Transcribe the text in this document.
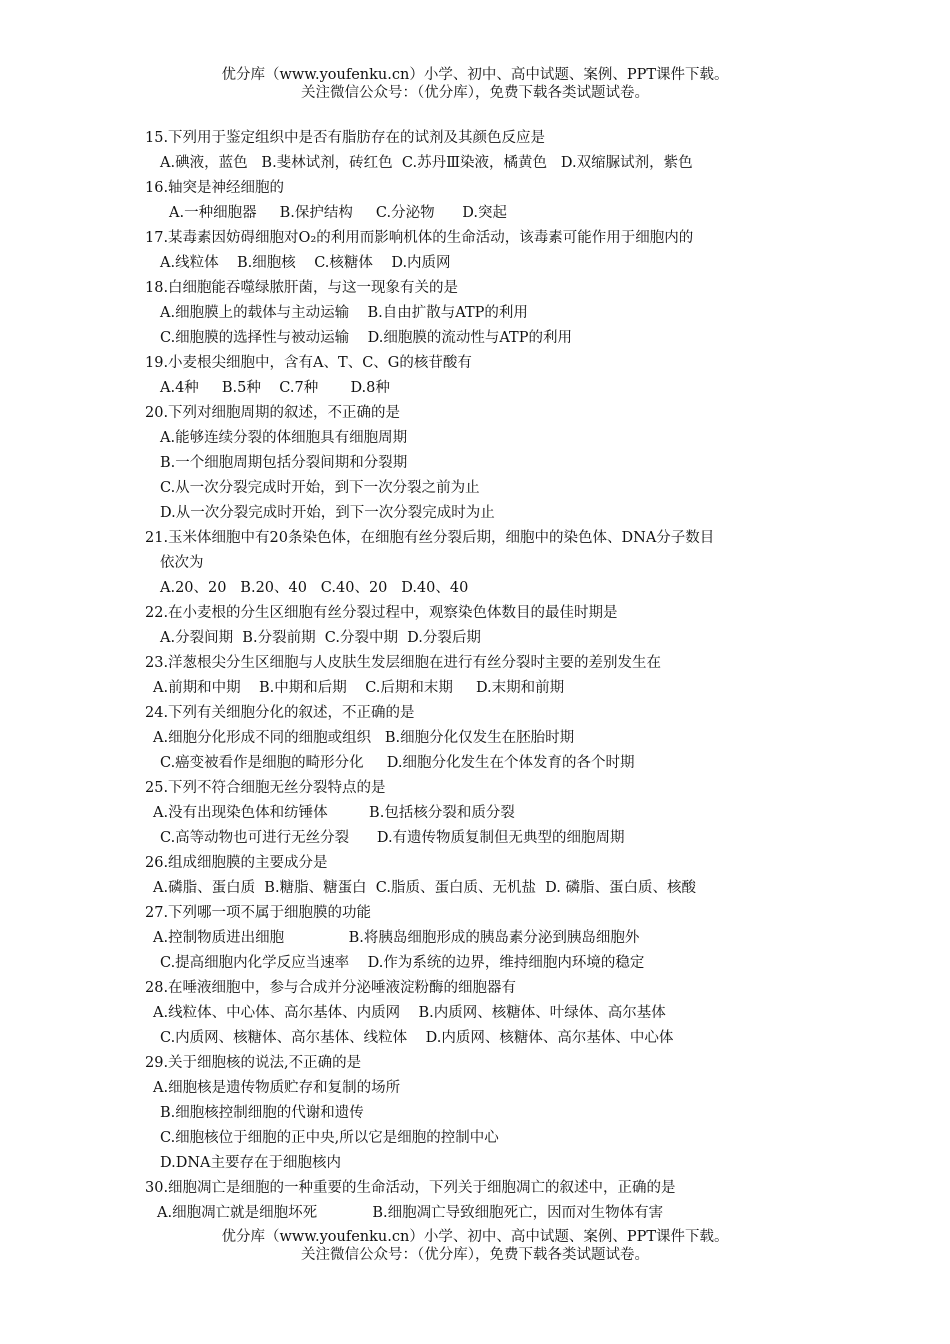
优分库（www.youfenku.cn）小学、初中、高中试题、案例、PPT课件下载。
关注微信公众号：（优分库），免费下载各类试题试卷。
15.下列用于鉴定组织中是否有脂肪存在的试剂及其颜色反应是
A.碘液，蓝色   B.斐林试剂，砖红色  C.苏丹Ⅲ染液，橘黄色   D.双缩脲试剂，紫色
16.轴突是神经细胞的
A.一种细胞器     B.保护结构     C.分泌物      D.突起
17.某毒素因妨碍细胞对O₂的利用而影响机体的生命活动，该毒素可能作用于细胞内的
A.线粒体    B.细胞核    C.核糖体    D.内质网
18.白细胞能吞噬绿脓肝菌，与这一现象有关的是
A.细胞膜上的载体与主动运输    B.自由扩散与ATP的利用
C.细胞膜的选择性与被动运输    D.细胞膜的流动性与ATP的利用
19.小麦根尖细胞中，含有A、T、C、G的核苷酸有
A.4种     B.5种    C.7种       D.8种
20.下列对细胞周期的叙述，不正确的是
A.能够连续分裂的体细胞具有细胞周期
B.一个细胞周期包括分裂间期和分裂期
C.从一次分裂完成时开始，到下一次分裂之前为止
D.从一次分裂完成时开始，到下一次分裂完成时为止
21.玉米体细胞中有20条染色体，在细胞有丝分裂后期，细胞中的染色体、DNA分子数目
依次为
A.20、20   B.20、40   C.40、20   D.40、40
22.在小麦根的分生区细胞有丝分裂过程中，观察染色体数目的最佳时期是
A.分裂间期  B.分裂前期  C.分裂中期  D.分裂后期
23.洋葱根尖分生区细胞与人皮肤生发层细胞在进行有丝分裂时主要的差别发生在
A.前期和中期    B.中期和后期    C.后期和末期     D.末期和前期
24.下列有关细胞分化的叙述，不正确的是
A.细胞分化形成不同的细胞或组织   B.细胞分化仅发生在胚胎时期
C.癌变被看作是细胞的畸形分化     D.细胞分化发生在个体发育的各个时期
25.下列不符合细胞无丝分裂特点的是
A.没有出现染色体和纺锤体         B.包括核分裂和质分裂
C.高等动物也可进行无丝分裂      D.有遗传物质复制但无典型的细胞周期
26.组成细胞膜的主要成分是
A.磷脂、蛋白质  B.糖脂、糖蛋白  C.脂质、蛋白质、无机盐  D. 磷脂、蛋白质、核酸
27.下列哪一项不属于细胞膜的功能
A.控制物质进出细胞              B.将胰岛细胞形成的胰岛素分泌到胰岛细胞外
C.提高细胞内化学反应当速率    D.作为系统的边界，维持细胞内环境的稳定
28.在唾液细胞中，参与合成并分泌唾液淀粉酶的细胞器有
A.线粒体、中心体、高尔基体、内质网    B.内质网、核糖体、叶绿体、高尔基体
C.内质网、核糖体、高尔基体、线粒体    D.内质网、核糖体、高尔基体、中心体
29.关于细胞核的说法,不正确的是
A.细胞核是遗传物质贮存和复制的场所
B.细胞核控制细胞的代谢和遗传
C.细胞核位于细胞的正中央,所以它是细胞的控制中心
D.DNA主要存在于细胞核内
30.细胞凋亡是细胞的一种重要的生命活动，下列关于细胞凋亡的叙述中，正确的是
A.细胞凋亡就是细胞坏死            B.细胞凋亡导致细胞死亡，因而对生物体有害
优分库（www.youfenku.cn）小学、初中、高中试题、案例、PPT课件下载。
关注微信公众号：（优分库），免费下载各类试题试卷。
